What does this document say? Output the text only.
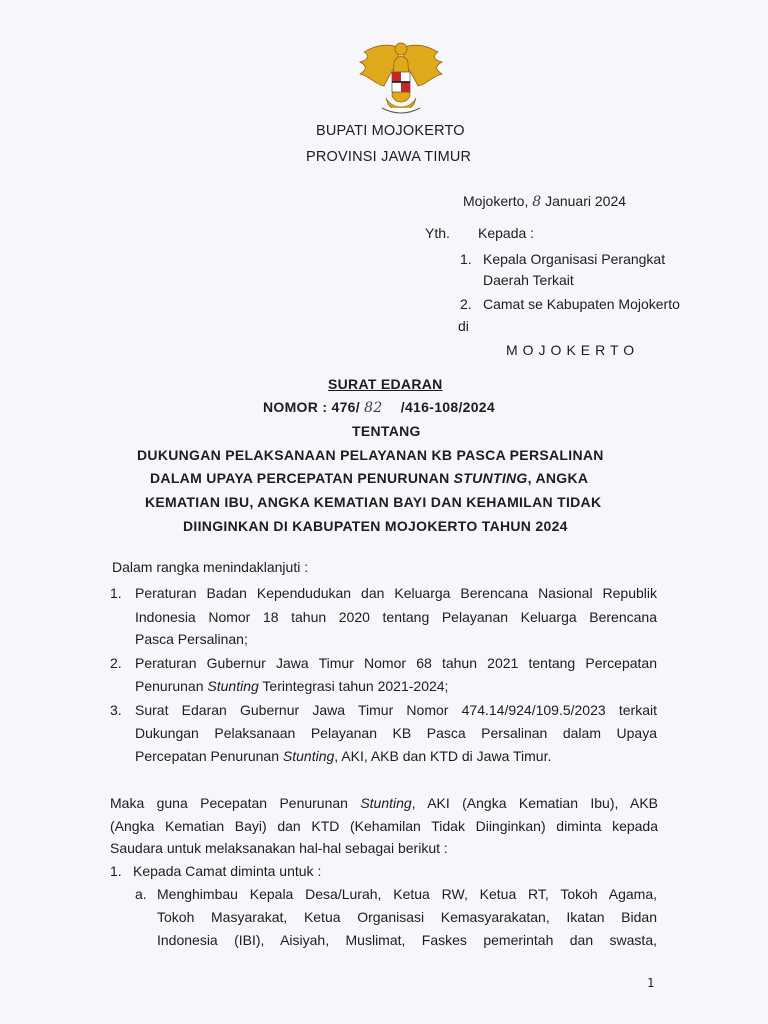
BUPATI MOJOKERTO
PROVINSI JAWA TIMUR
Mojokerto, 8 Januari 2024
Yth. Kepada :
1. Kepala Organisasi Perangkat
Daerah Terkait
2. Camat se Kabupaten Mojokerto
di
MOJOKERTO
SURAT EDARAN
NOMOR : 476/ 82 /416-108/2024
TENTANG
DUKUNGAN PELAKSANAAN PELAYANAN KB PASCA PERSALINAN
DALAM UPAYA PERCEPATAN PENURUNAN STUNTING, ANGKA
KEMATIAN IBU, ANGKA KEMATIAN BAYI DAN KEHAMILAN TIDAK
DIINGINKAN DI KABUPATEN MOJOKERTO TAHUN 2024
Dalam rangka menindaklanjuti :
1. Peraturan Badan Kependudukan dan Keluarga Berencana Nasional Republik
Indonesia Nomor 18 tahun 2020 tentang Pelayanan Keluarga Berencana
Pasca Persalinan;
2. Peraturan Gubernur Jawa Timur Nomor 68 tahun 2021 tentang Percepatan
Penurunan Stunting Terintegrasi tahun 2021-2024;
3. Surat Edaran Gubernur Jawa Timur Nomor 474.14/924/109.5/2023 terkait
Dukungan Pelaksanaan Pelayanan KB Pasca Persalinan dalam Upaya
Percepatan Penurunan Stunting, AKI, AKB dan KTD di Jawa Timur.
Maka guna Pecepatan Penurunan Stunting, AKI (Angka Kematian Ibu), AKB
(Angka Kematian Bayi) dan KTD (Kehamilan Tidak Diinginkan) diminta kepada
Saudara untuk melaksanakan hal-hal sebagai berikut :
1. Kepada Camat diminta untuk :
a. Menghimbau Kepala Desa/Lurah, Ketua RW, Ketua RT, Tokoh Agama,
Tokoh Masyarakat, Ketua Organisasi Kemasyarakatan, Ikatan Bidan
Indonesia (IBI), Aisiyah, Muslimat, Faskes pemerintah dan swasta,
1
